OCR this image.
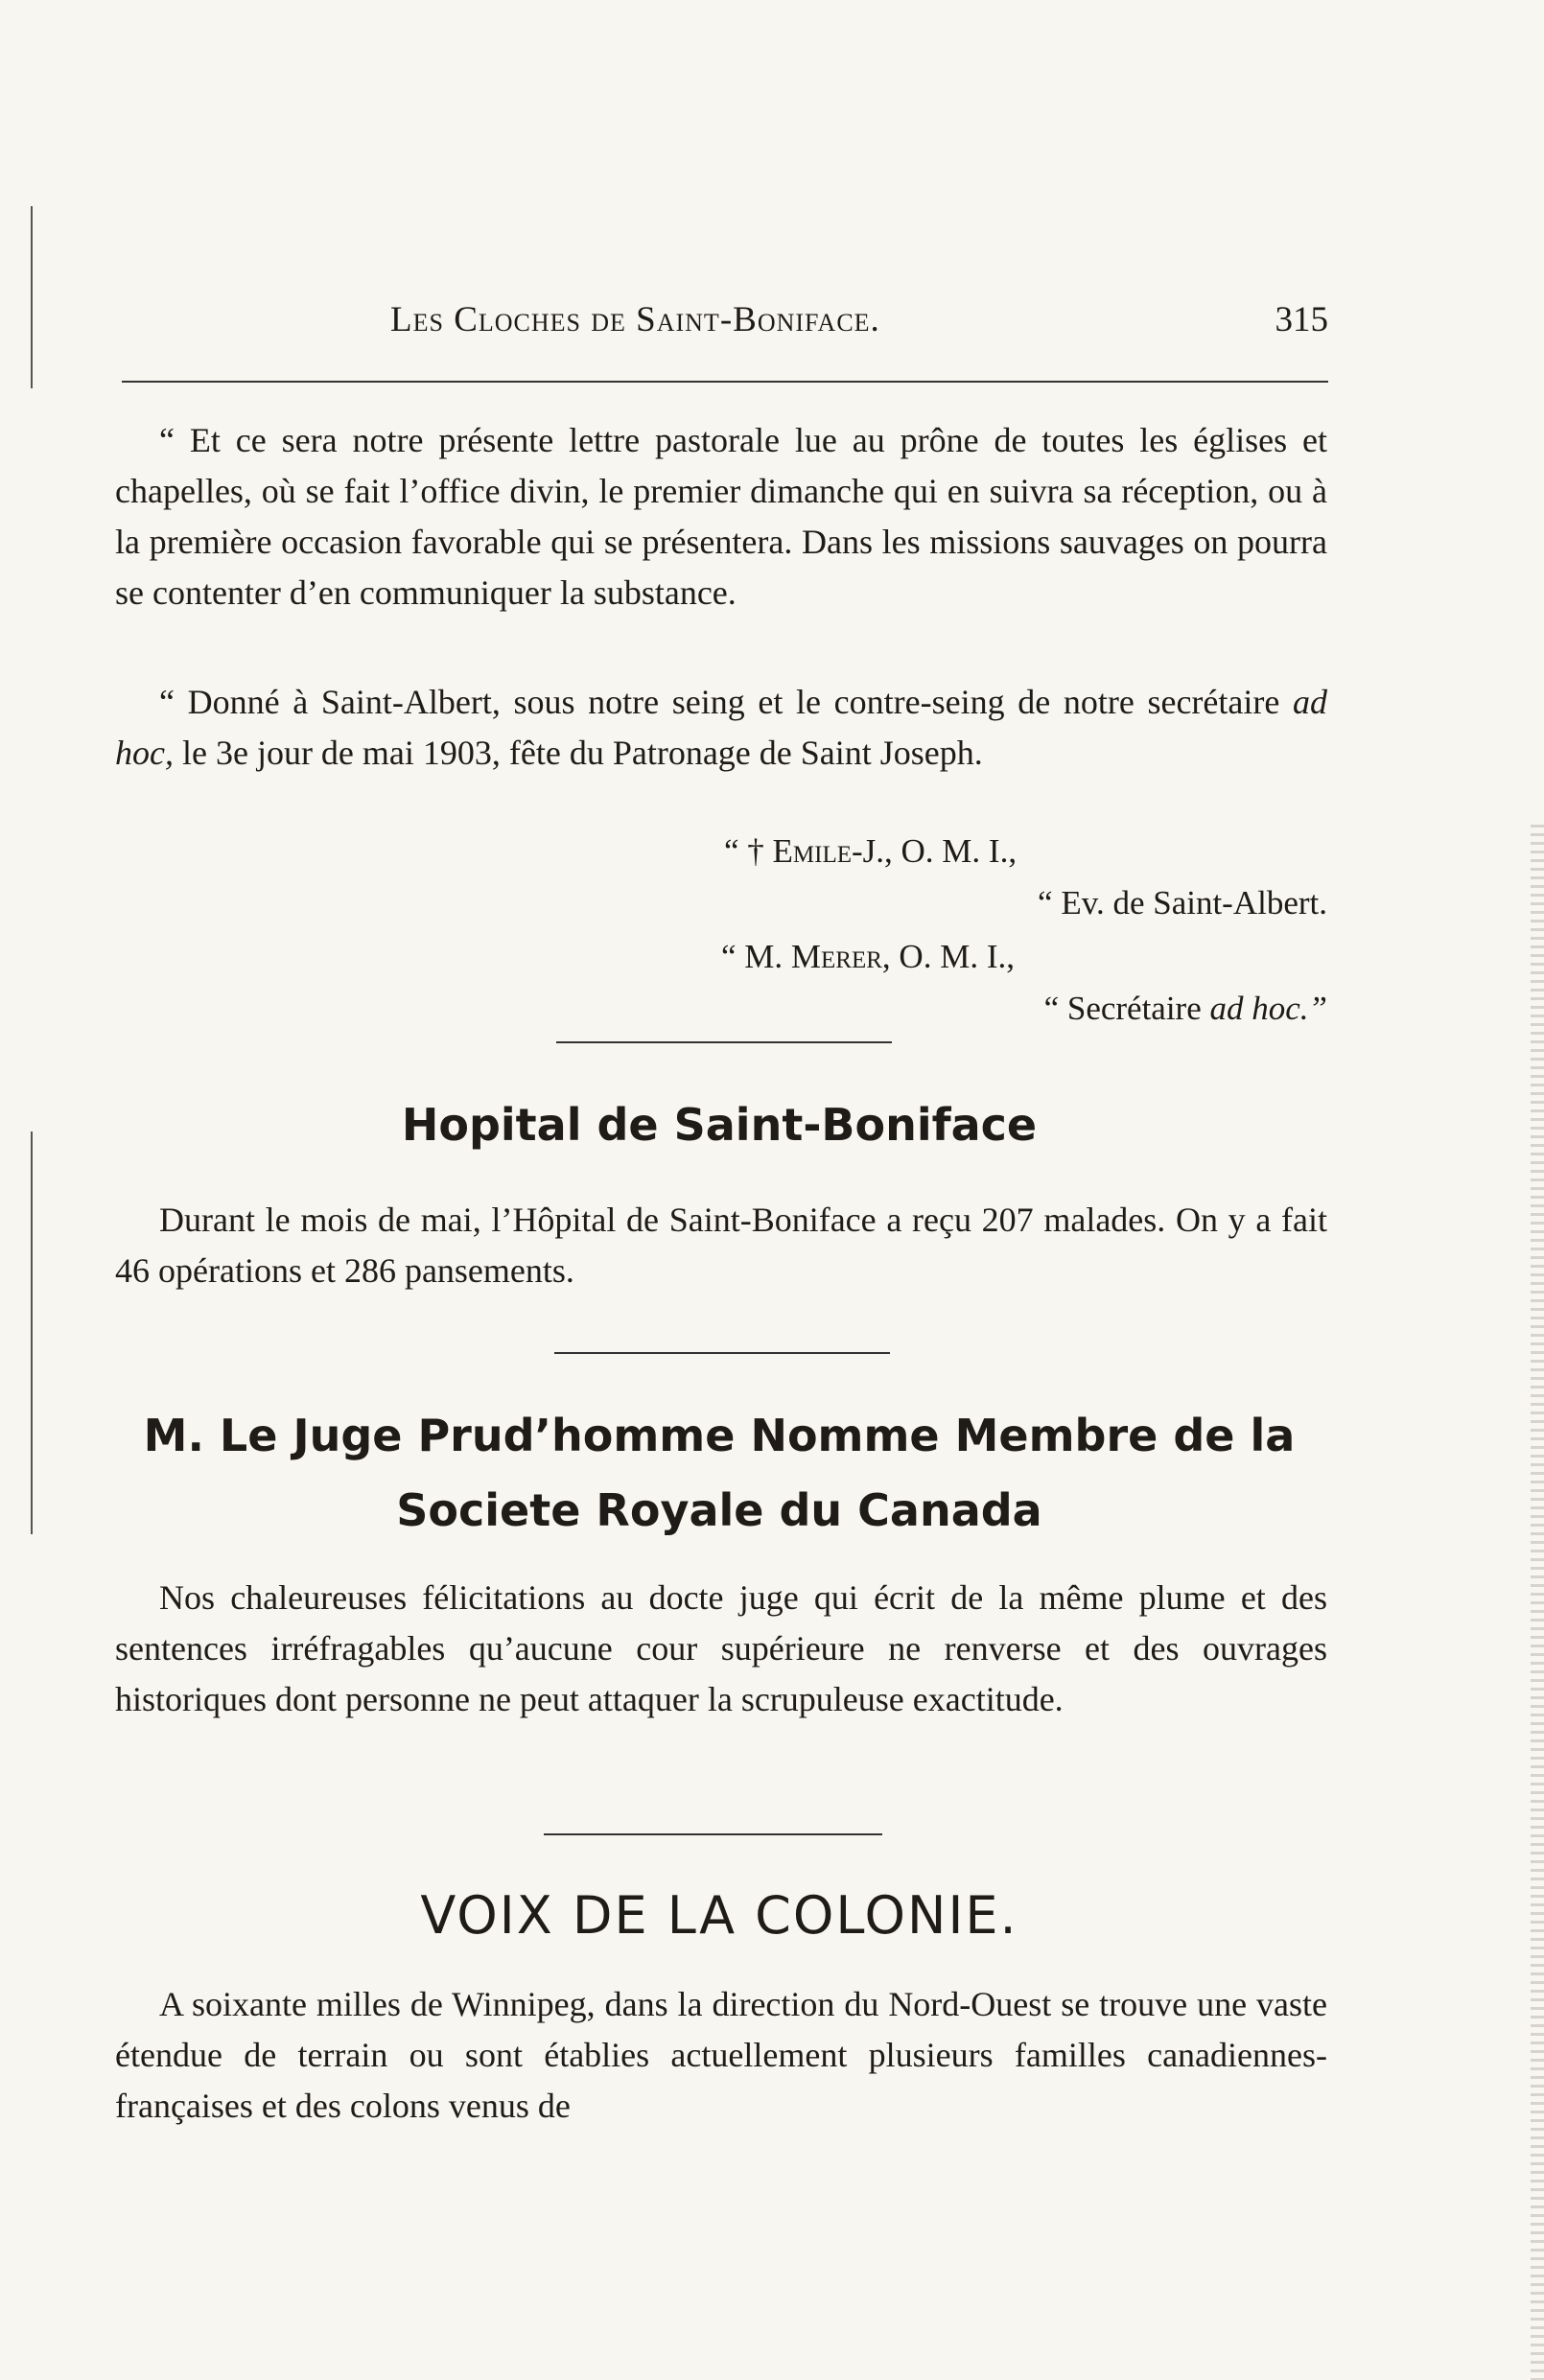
Les Cloches de Saint-Boniface.	315

“ Et ce sera notre présente lettre pastorale lue au prône de toutes les églises et chapelles, où se fait l’office divin, le premier dimanche qui en suivra sa réception, ou à la première occasion favorable qui se présentera. Dans les missions sauvages on pourra se contenter d’en communiquer la substance.

“ Donné à Saint-Albert, sous notre seing et le contre-seing de notre secrétaire ad hoc, le 3e jour de mai 1903, fête du Patronage de Saint Joseph.

“ † Emile-J., O. M. I.,
“ Ev. de Saint-Albert.
“ M. Merer, O. M. I.,
“ Secrétaire ad hoc.”
Hopital de Saint-Boniface

Durant le mois de mai, l’Hôpital de Saint-Boniface a reçu 207 malades. On y a fait 46 opérations et 286 pansements.

M. Le Juge Prud’homme Nomme Membre de la
Societe Royale du Canada

Nos chaleureuses félicitations au docte juge qui écrit de la même plume et des sentences irréfragables qu’aucune cour supérieure ne renverse et des ouvrages historiques dont personne ne peut attaquer la scrupuleuse exactitude.

VOIX DE LA COLONIE.

A soixante milles de Winnipeg, dans la direction du Nord-Ouest se trouve une vaste étendue de terrain ou sont établies actuellement plusieurs familles canadiennes-françaises et des colons venus de
